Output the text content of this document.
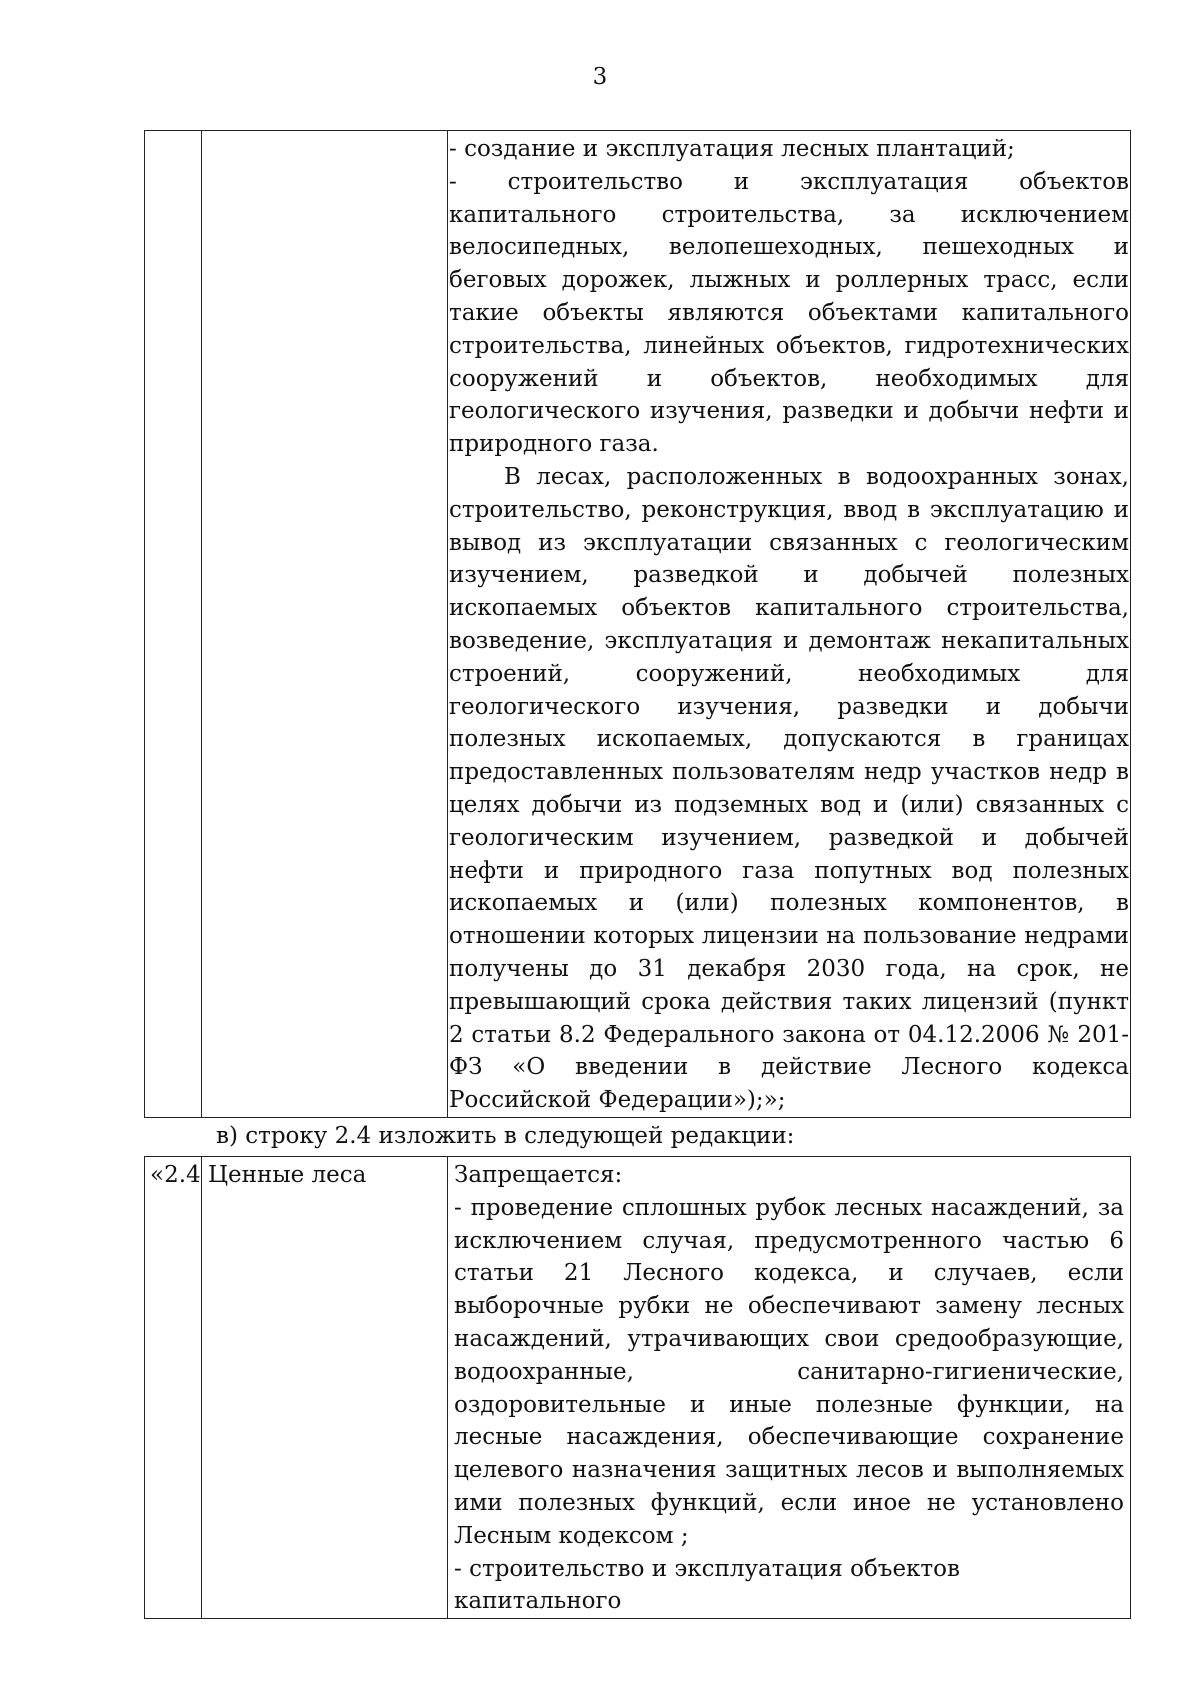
3

- создание и эксплуатация лесных плантаций;

- строительство и эксплуатация объектов капитального строительства, за исключением велосипедных, велопешеходных, пешеходных и беговых дорожек, лыжных и роллерных трасс, если такие объекты являются объектами капитального строительства, линейных объектов, гидротехнических сооружений и объектов, необходимых для геологического изучения, разведки и добычи нефти и природного газа.

В лесах, расположенных в водоохранных зонах, строительство, реконструкция, ввод в эксплуатацию и вывод из эксплуатации связанных с геологическим изучением, разведкой и добычей полезных ископаемых объектов капитального строительства, возведение, эксплуатация и демонтаж некапитальных строений, сооружений, необходимых для геологического изучения, разведки и добычи полезных ископаемых, допускаются в границах предоставленных пользователям недр участков недр в целях добычи из подземных вод и (или) связанных с геологическим изучением, разведкой и добычей нефти и природного газа попутных вод полезных ископаемых и (или) полезных компонентов, в отношении которых лицензии на пользование недрами получены до 31 декабря 2030 года, на срок, не превышающий срока действия таких лицензий (пункт 2 статьи 8.2 Федерального закона от 04.12.2006 № 201-ФЗ «О введении в действие Лесного кодекса Российской Федерации»);»;

в) строку 2.4 изложить в следующей редакции:
«2.4	Ценные леса	Запрещается:

- проведение сплошных рубок лесных насаждений, за исключением случая, предусмотренного частью 6 статьи 21 Лесного кодекса, и случаев, если выборочные рубки не обеспечивают замену лесных насаждений, утрачивающих свои средообразующие, водоохранные, санитарно-гигиенические, оздоровительные и иные полезные функции, на лесные насаждения, обеспечивающие сохранение целевого назначения защитных лесов и выполняемых ими полезных функций, если иное не установлено Лесным кодексом ;

- строительство и эксплуатация объектов капитального
